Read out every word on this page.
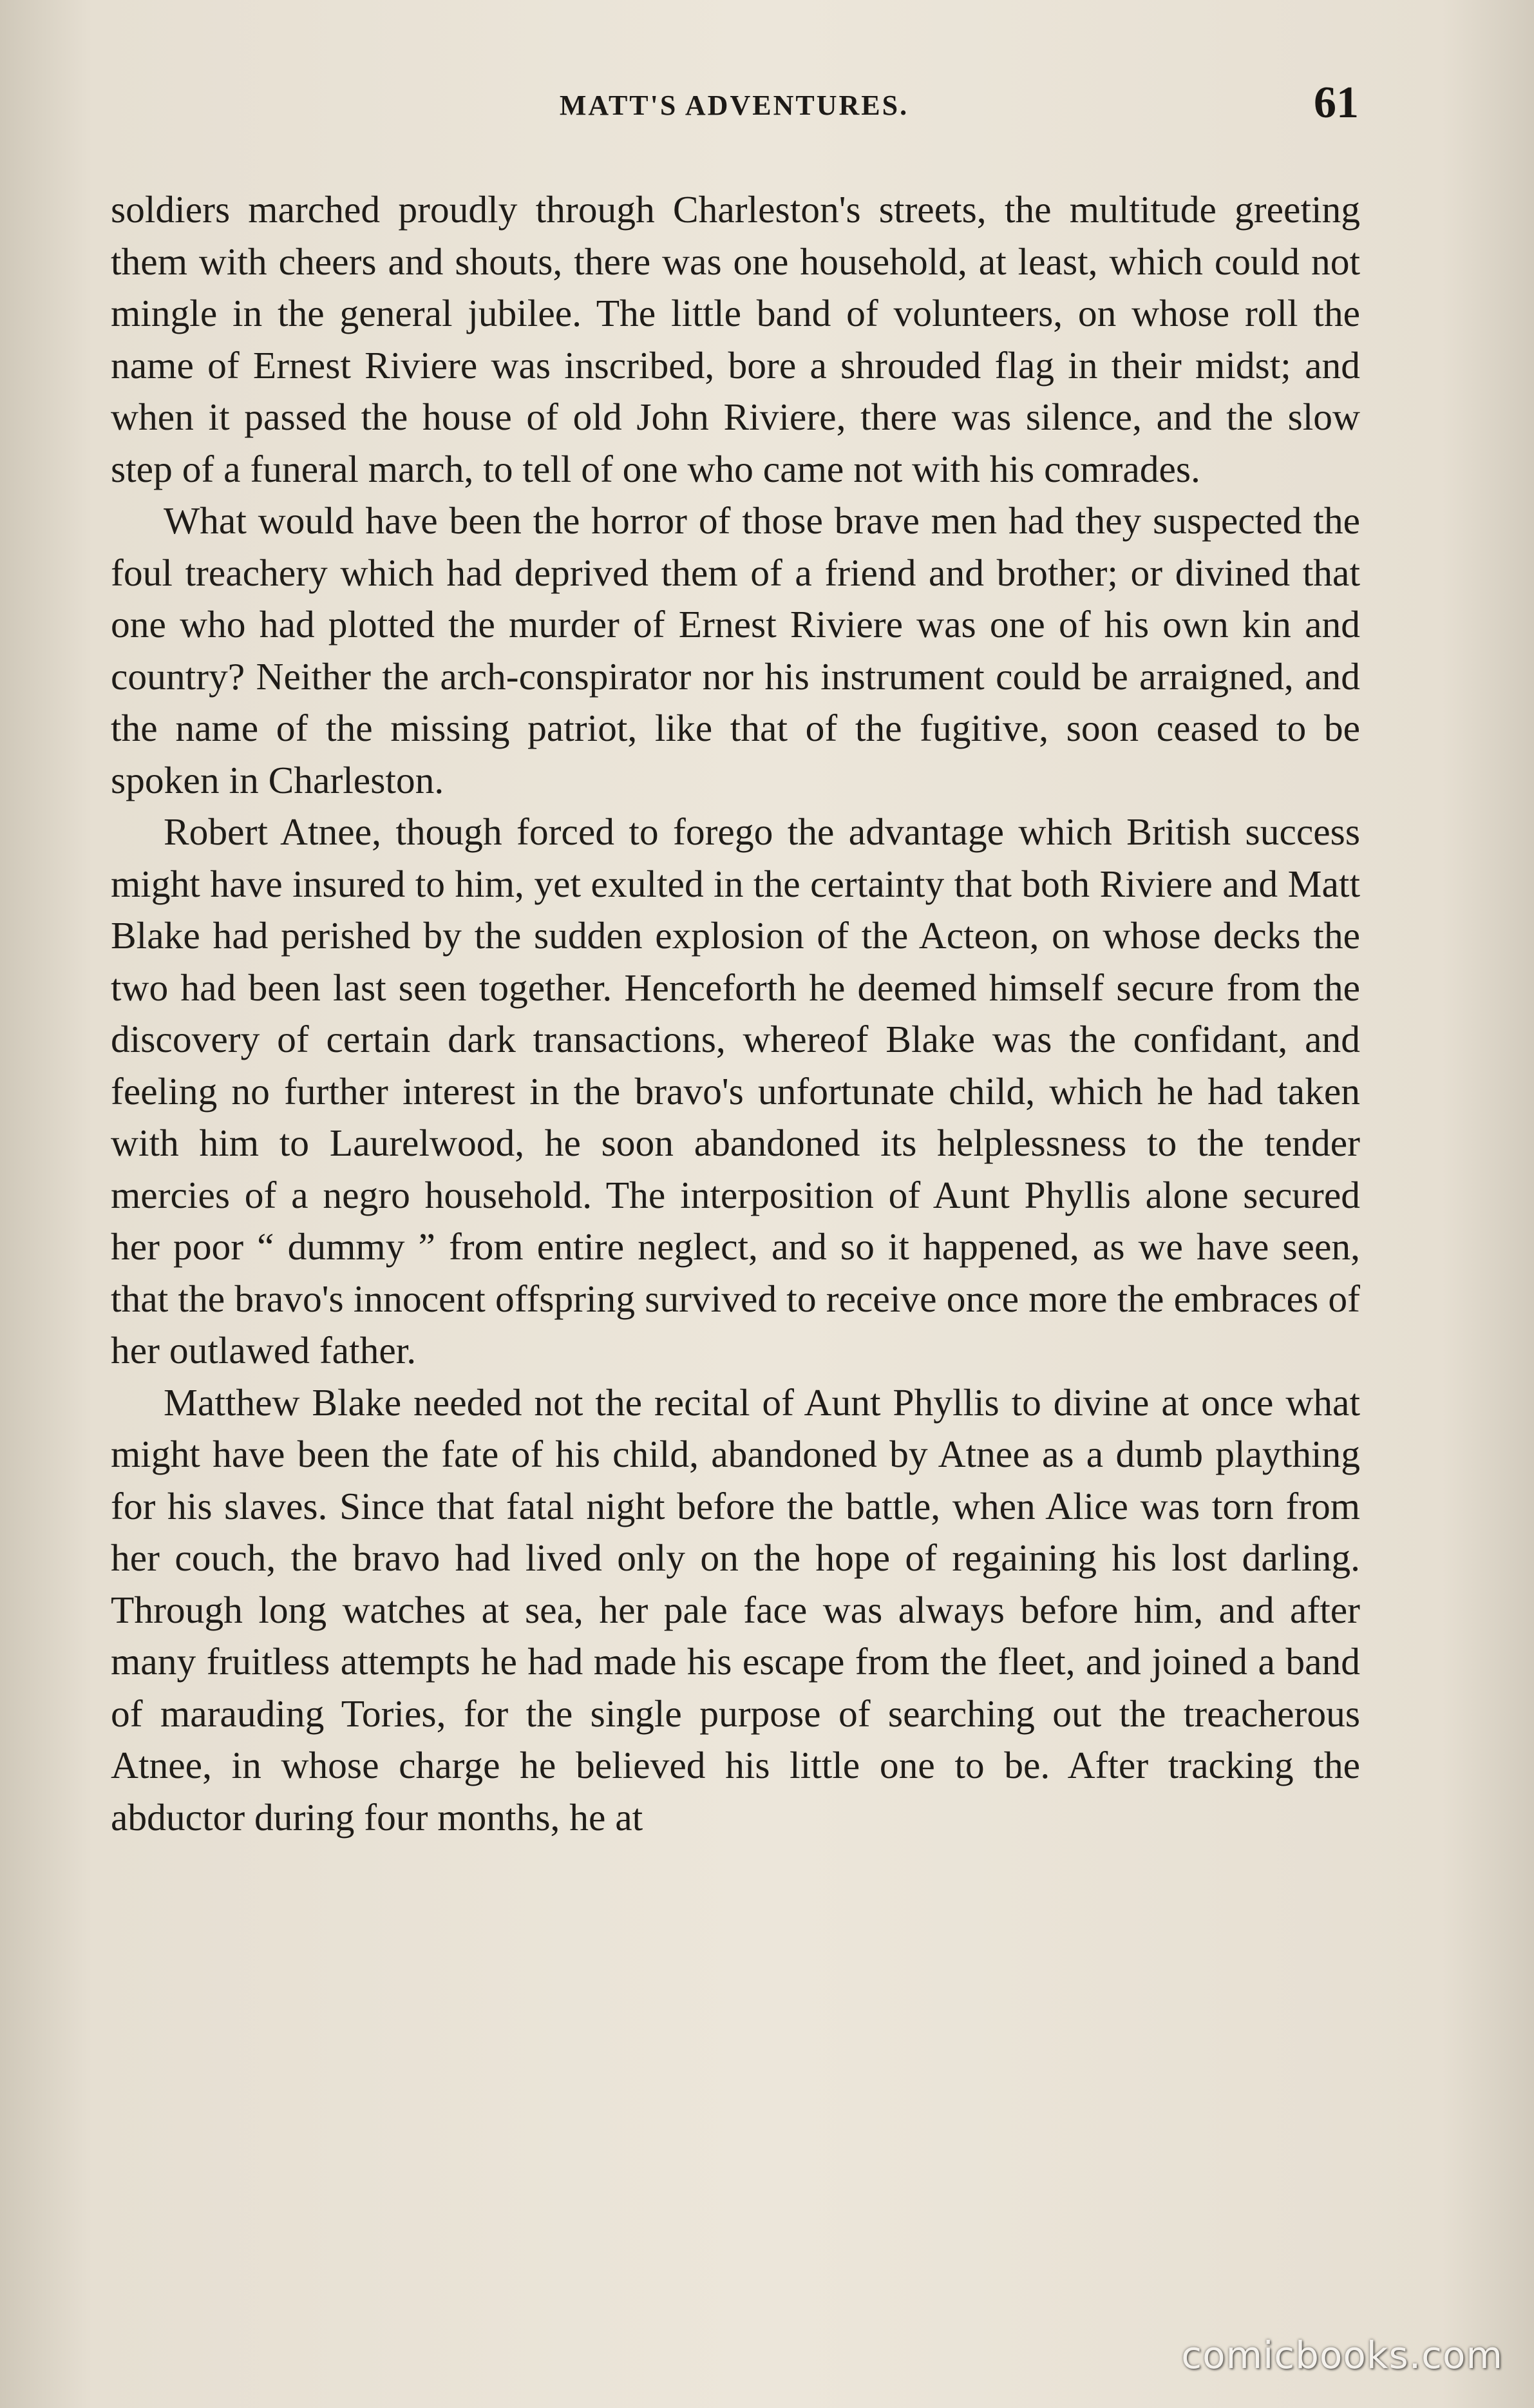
MATT'S ADVENTURES.	61

soldiers marched proudly through Charleston's streets, the multitude greeting them with cheers and shouts, there was one household, at least, which could not mingle in the general jubilee. The little band of volunteers, on whose roll the name of Ernest Riviere was inscribed, bore a shrouded flag in their midst; and when it passed the house of old John Riviere, there was silence, and the slow step of a funeral march, to tell of one who came not with his comrades.

What would have been the horror of those brave men had they suspected the foul treachery which had deprived them of a friend and brother; or divined that one who had plotted the murder of Ernest Riviere was one of his own kin and country? Neither the arch-conspirator nor his instrument could be arraigned, and the name of the missing patriot, like that of the fugitive, soon ceased to be spoken in Charleston.

Robert Atnee, though forced to forego the advantage which British success might have insured to him, yet exulted in the certainty that both Riviere and Matt Blake had perished by the sudden explosion of the Acteon, on whose decks the two had been last seen together. Henceforth he deemed himself secure from the discovery of certain dark transactions, whereof Blake was the confidant, and feeling no further interest in the bravo's unfortunate child, which he had taken with him to Laurelwood, he soon abandoned its helplessness to the tender mercies of a negro household. The interposition of Aunt Phyllis alone secured her poor “ dummy ” from entire neglect, and so it happened, as we have seen, that the bravo's innocent offspring survived to receive once more the embraces of her outlawed father.

Matthew Blake needed not the recital of Aunt Phyllis to divine at once what might have been the fate of his child, abandoned by Atnee as a dumb plaything for his slaves. Since that fatal night before the battle, when Alice was torn from her couch, the bravo had lived only on the hope of regaining his lost darling. Through long watches at sea, her pale face was always before him, and after many fruitless attempts he had made his escape from the fleet, and joined a band of marauding Tories, for the single purpose of searching out the treacherous Atnee, in whose charge he believed his little one to be. After tracking the abductor during four months, he at

comicbooks.com
